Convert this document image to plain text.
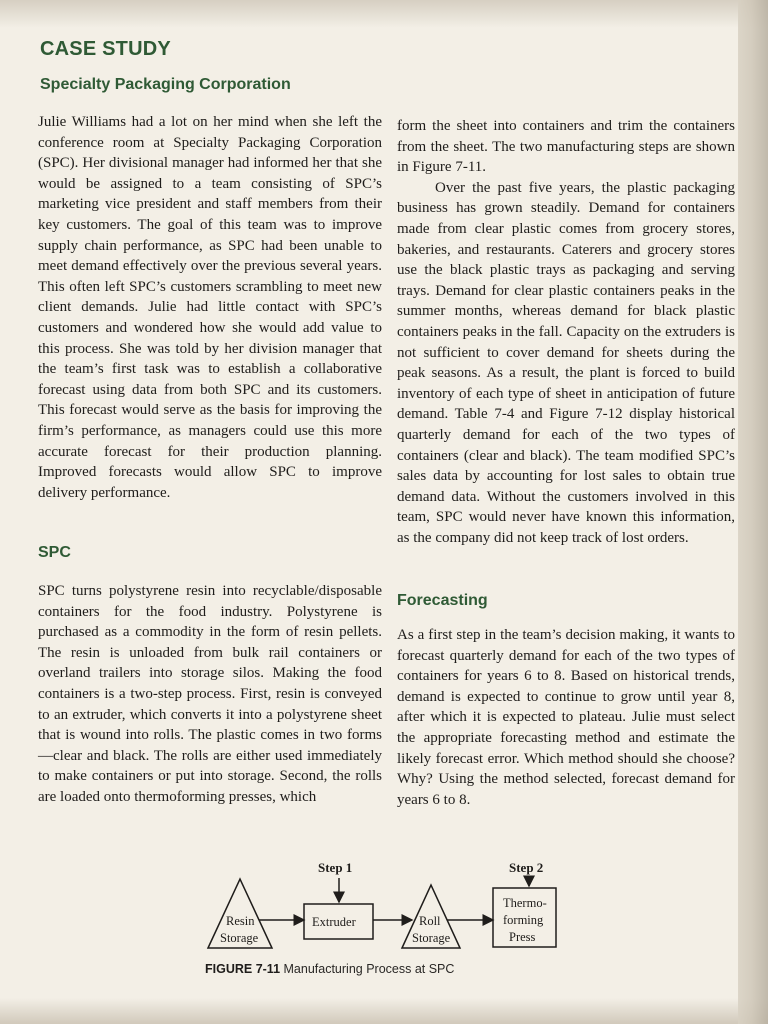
CASE STUDY
Specialty Packaging Corporation

Julie Williams had a lot on her mind when she left the conference room at Specialty Packaging Corporation (SPC). Her divisional manager had informed her that she would be assigned to a team consisting of SPC’s marketing vice president and staff members from their key customers. The goal of this team was to improve supply chain performance, as SPC had been unable to meet demand effectively over the previous several years. This often left SPC’s customers scrambling to meet new client demands. Julie had little contact with SPC’s customers and wondered how she would add value to this process. She was told by her division manager that the team’s first task was to establish a collaborative forecast using data from both SPC and its customers. This forecast would serve as the basis for improving the firm’s performance, as managers could use this more accurate forecast for their production planning. Improved forecasts would allow SPC to improve delivery performance.

SPC

SPC turns polystyrene resin into recyclable/disposable containers for the food industry. Polystyrene is purchased as a commodity in the form of resin pellets. The resin is unloaded from bulk rail containers or overland trailers into storage silos. Making the food containers is a two-step process. First, resin is conveyed to an extruder, which converts it into a polystyrene sheet that is wound into rolls. The plastic comes in two forms—clear and black. The rolls are either used immediately to make containers or put into storage. Second, the rolls are loaded onto thermoforming presses, which

form the sheet into containers and trim the containers from the sheet. The two manufacturing steps are shown in Figure 7-11.

Over the past five years, the plastic packaging business has grown steadily. Demand for containers made from clear plastic comes from grocery stores, bakeries, and restaurants. Caterers and grocery stores use the black plastic trays as packaging and serving trays. Demand for clear plastic containers peaks in the summer months, whereas demand for black plastic containers peaks in the fall. Capacity on the extruders is not sufficient to cover demand for sheets during the peak seasons. As a result, the plant is forced to build inventory of each type of sheet in anticipation of future demand. Table 7-4 and Figure 7-12 display historical quarterly demand for each of the two types of containers (clear and black). The team modified SPC’s sales data by accounting for lost sales to obtain true demand data. Without the customers involved in this team, SPC would never have known this information, as the company did not keep track of lost orders.

Forecasting

As a first step in the team’s decision making, it wants to forecast quarterly demand for each of the two types of containers for years 6 to 8. Based on historical trends, demand is expected to continue to grow until year 8, after which it is expected to plateau. Julie must select the appropriate forecasting method and estimate the likely forecast error. Which method should she choose? Why? Using the method selected, forecast demand for years 6 to 8.

Step 1	Step 2
Resin
Storage
Extruder	Roll
Storage
Thermo-
forming
Press
FIGURE 7-11 Manufacturing Process at SPC
